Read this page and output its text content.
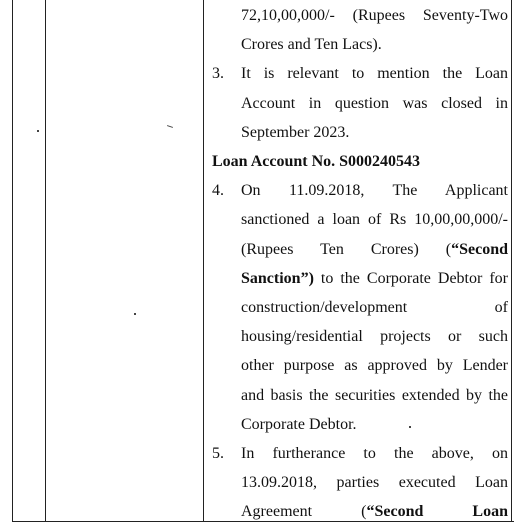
72,10,00,000/- (Rupees Seventy-Two
Crores and Ten Lacs).
3.	It is relevant to mention the Loan
Account in question was closed in
September 2023.
Loan Account No. S000240543
4.	On 11.09.2018, The Applicant
sanctioned a loan of Rs 10,00,00,000/-
(Rupees Ten Crores) (“Second
Sanction”) to the Corporate Debtor for
construction/development of
housing/residential projects or such
other purpose as approved by Lender
and basis the securities extended by the
Corporate Debtor.
5.	In furtherance to the above, on
13.09.2018, parties executed Loan
Agreement (“Second Loan
